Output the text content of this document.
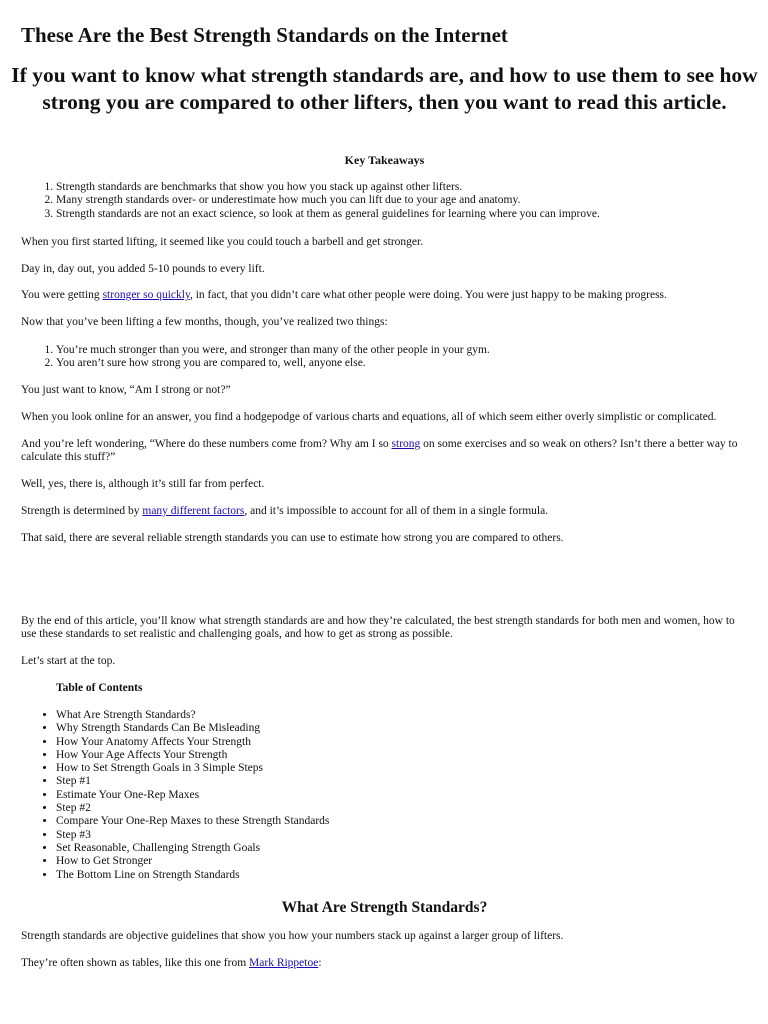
These Are the Best Strength Standards on the Internet
If you want to know what strength standards are, and how to use them to see how strong you are compared to other lifters, then you want to read this article.
Key Takeaways
1. Strength standards are benchmarks that show you how you stack up against other lifters.
2. Many strength standards over- or underestimate how much you can lift due to your age and anatomy.
3. Strength standards are not an exact science, so look at them as general guidelines for learning where you can improve.

When you first started lifting, it seemed like you could touch a barbell and get stronger.

Day in, day out, you added 5-10 pounds to every lift.

You were getting stronger so quickly, in fact, that you didn’t care what other people were doing. You were just happy to be making progress.

Now that you’ve been lifting a few months, though, you’ve realized two things:

1. You’re much stronger than you were, and stronger than many of the other people in your gym.
2. You aren’t sure how strong you are compared to, well, anyone else.

You just want to know, “Am I strong or not?”

When you look online for an answer, you find a hodgepodge of various charts and equations, all of which seem either overly simplistic or complicated.

And you’re left wondering, “Where do these numbers come from? Why am I so strong on some exercises and so weak on others? Isn’t there a better way to calculate this stuff?”

Well, yes, there is, although it’s still far from perfect.

Strength is determined by many different factors, and it’s impossible to account for all of them in a single formula.

That said, there are several reliable strength standards you can use to estimate how strong you are compared to others.

By the end of this article, you’ll know what strength standards are and how they’re calculated, the best strength standards for both men and women, how to use these standards to set realistic and challenging goals, and how to get as strong as possible.

Let’s start at the top.

Table of Contents
• What Are Strength Standards?
• Why Strength Standards Can Be Misleading
• How Your Anatomy Affects Your Strength
• How Your Age Affects Your Strength
• How to Set Strength Goals in 3 Simple Steps
• Step #1
• Estimate Your One-Rep Maxes
• Step #2
• Compare Your One-Rep Maxes to these Strength Standards
• Step #3
• Set Reasonable, Challenging Strength Goals
• How to Get Stronger
• The Bottom Line on Strength Standards
What Are Strength Standards?

Strength standards are objective guidelines that show you how your numbers stack up against a larger group of lifters.

They’re often shown as tables, like this one from Mark Rippetoe:
